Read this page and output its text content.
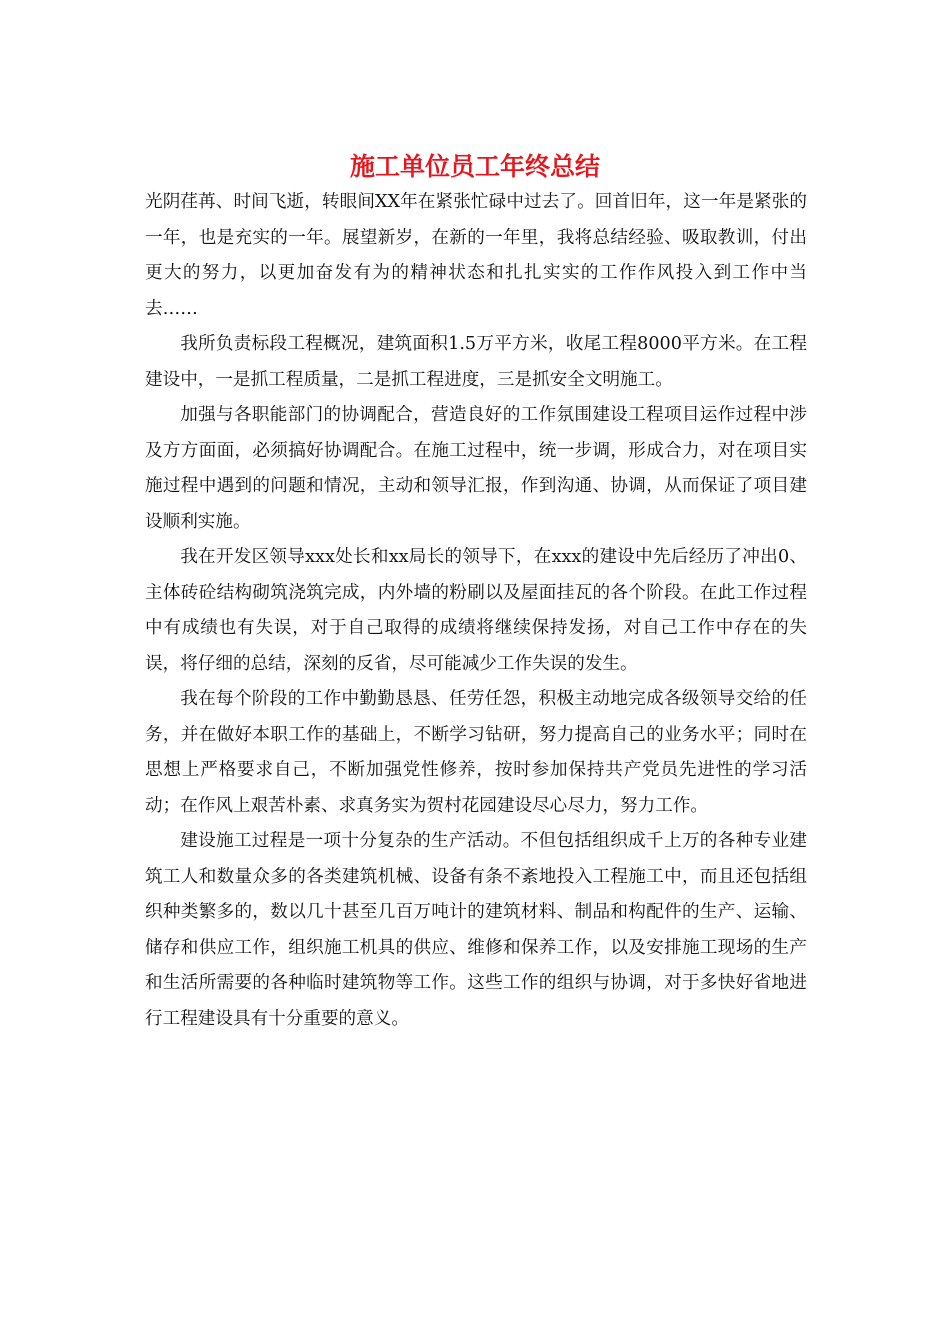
施工单位员工年终总结

光阴荏苒、时间飞逝，转眼间XX年在紧张忙碌中过去了。回首旧年，这一年是紧张的一年，也是充实的一年。展望新岁，在新的一年里，我将总结经验、吸取教训，付出更大的努力，以更加奋发有为的精神状态和扎扎实实的工作作风投入到工作中当去……

我所负责标段工程概况，建筑面积1.5万平方米，收尾工程8000平方米。在工程建设中，一是抓工程质量，二是抓工程进度，三是抓安全文明施工。

加强与各职能部门的协调配合，营造良好的工作氛围建设工程项目运作过程中涉及方方面面，必须搞好协调配合。在施工过程中，统一步调，形成合力，对在项目实施过程中遇到的问题和情况，主动和领导汇报，作到沟通、协调，从而保证了项目建设顺利实施。

我在开发区领导xxx处长和xx局长的领导下，在xxx的建设中先后经历了冲出0、主体砖砼结构砌筑浇筑完成，内外墙的粉刷以及屋面挂瓦的各个阶段。在此工作过程中有成绩也有失误，对于自己取得的成绩将继续保持发扬，对自己工作中存在的失误，将仔细的总结，深刻的反省，尽可能减少工作失误的发生。

我在每个阶段的工作中勤勤恳恳、任劳任怨，积极主动地完成各级领导交给的任务，并在做好本职工作的基础上，不断学习钻研，努力提高自己的业务水平；同时在思想上严格要求自己，不断加强党性修养，按时参加保持共产党员先进性的学习活动；在作风上艰苦朴素、求真务实为贺村花园建设尽心尽力，努力工作。

建设施工过程是一项十分复杂的生产活动。不但包括组织成千上万的各种专业建筑工人和数量众多的各类建筑机械、设备有条不紊地投入工程施工中，而且还包括组织种类繁多的，数以几十甚至几百万吨计的建筑材料、制品和构配件的生产、运输、储存和供应工作，组织施工机具的供应、维修和保养工作，以及安排施工现场的生产和生活所需要的各种临时建筑物等工作。这些工作的组织与协调，对于多快好省地进行工程建设具有十分重要的意义。
